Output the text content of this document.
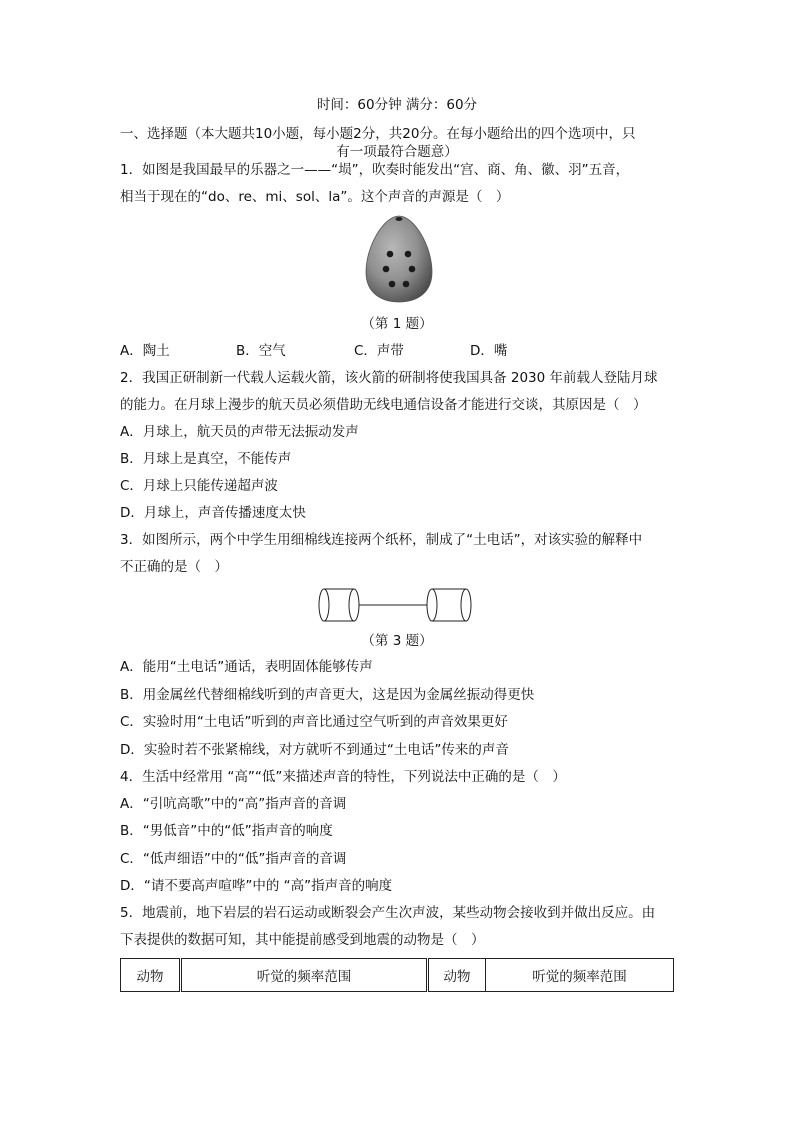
时间：60分钟 满分：60分
一、选择题（本大题共10小题，每小题2分，共20分。在每小题给出的四个选项中，只
有一项最符合题意）
1．如图是我国最早的乐器之一——“埙”，吹奏时能发出“宫、商、角、徽、羽”五音，
相当于现在的“do、re、mi、sol、la”。这个声音的声源是（　）
（第 1 题）
A．陶土	B．空气	C．声带	D．嘴
2．我国正研制新一代载人运载火箭，该火箭的研制将使我国具备 2030 年前载人登陆月球
的能力。在月球上漫步的航天员必须借助无线电通信设备才能进行交谈，其原因是（　）
A．月球上，航天员的声带无法振动发声
B．月球上是真空，不能传声
C．月球上只能传递超声波
D．月球上，声音传播速度太快
3．如图所示，两个中学生用细棉线连接两个纸杯，制成了“土电话”，对该实验的解释中
不正确的是（　）
（第 3 题）
A．能用“土电话”通话，表明固体能够传声
B．用金属丝代替细棉线听到的声音更大，这是因为金属丝振动得更快
C．实验时用“土电话”听到的声音比通过空气听到的声音效果更好
D．实验时若不张紧棉线，对方就听不到通过“土电话”传来的声音
4．生活中经常用 “高”“低”来描述声音的特性，下列说法中正确的是（　）
A．“引吭高歌”中的“高”指声音的音调
B．“男低音”中的“低”指声音的响度
C．“低声细语”中的“低”指声音的音调
D．“请不要高声喧哗”中的 “高”指声音的响度
5．地震前，地下岩层的岩石运动或断裂会产生次声波，某些动物会接收到并做出反应。由
下表提供的数据可知，其中能提前感受到地震的动物是（　）
动物	听觉的频率范围	动物	听觉的频率范围
